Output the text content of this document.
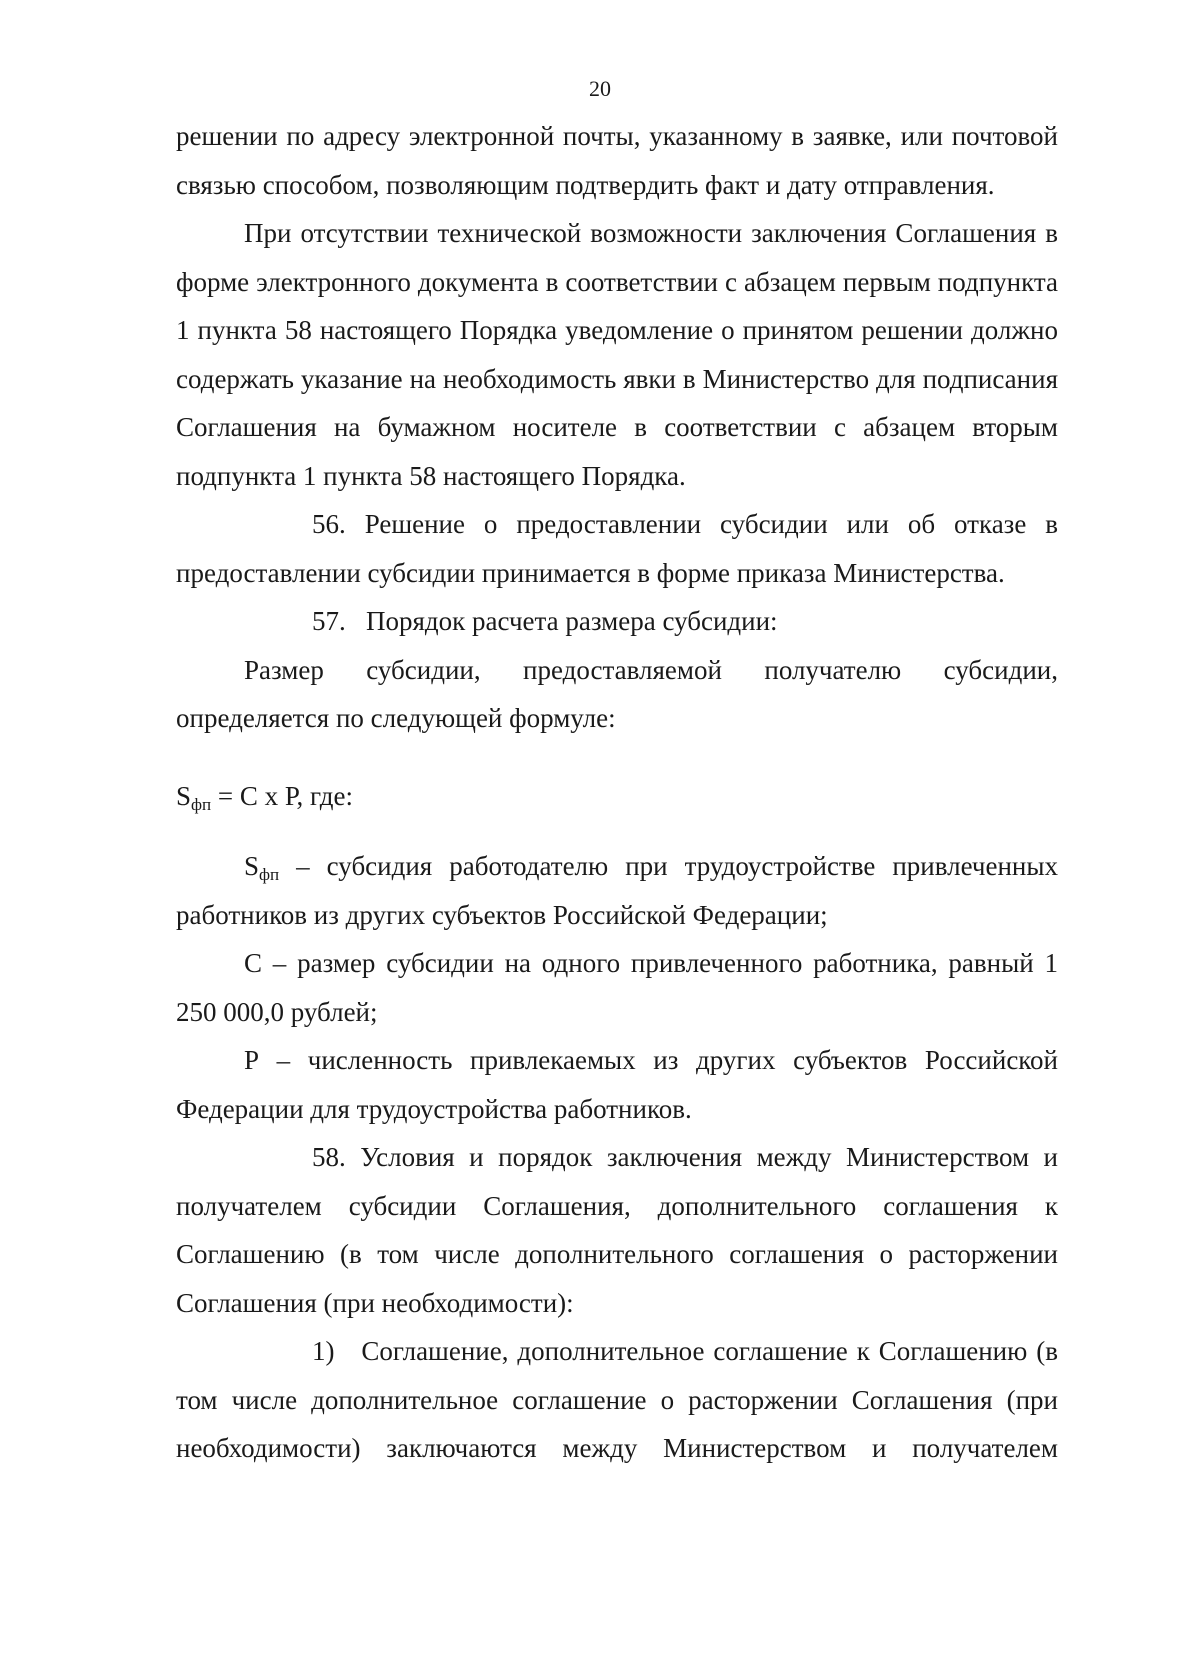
20

решении по адресу электронной почты, указанному в заявке, или почтовой связью способом, позволяющим подтвердить факт и дату отправления.

При отсутствии технической возможности заключения Соглашения в форме электронного документа в соответствии с абзацем первым подпункта 1 пункта 58 настоящего Порядка уведомление о принятом решении должно содержать указание на необходимость явки в Министерство для подписания Соглашения на бумажном носителе в соответствии с абзацем вторым подпункта 1 пункта 58 настоящего Порядка.

56. Решение о предоставлении субсидии или об отказе в предоставлении субсидии принимается в форме приказа Министерства.

57. Порядок расчета размера субсидии:

Размер субсидии, предоставляемой получателю субсидии, определяется по следующей формуле:

$S_{фп} = С$ х Р, где:

$S_{фп}$ – субсидия работодателю при трудоустройстве привлеченных работников из других субъектов Российской Федерации;

С – размер субсидии на одного привлеченного работника, равный 1 250 000,0 рублей;

Р – численность привлекаемых из других субъектов Российской Федерации для трудоустройства работников.

58. Условия и порядок заключения между Министерством и получателем субсидии Соглашения, дополнительного соглашения к Соглашению (в том числе дополнительного соглашения о расторжении Соглашения (при необходимости):

1) Соглашение, дополнительное соглашение к Соглашению (в том числе дополнительное соглашение о расторжении Соглашения (при необходимости) заключаются между Министерством и получателем
